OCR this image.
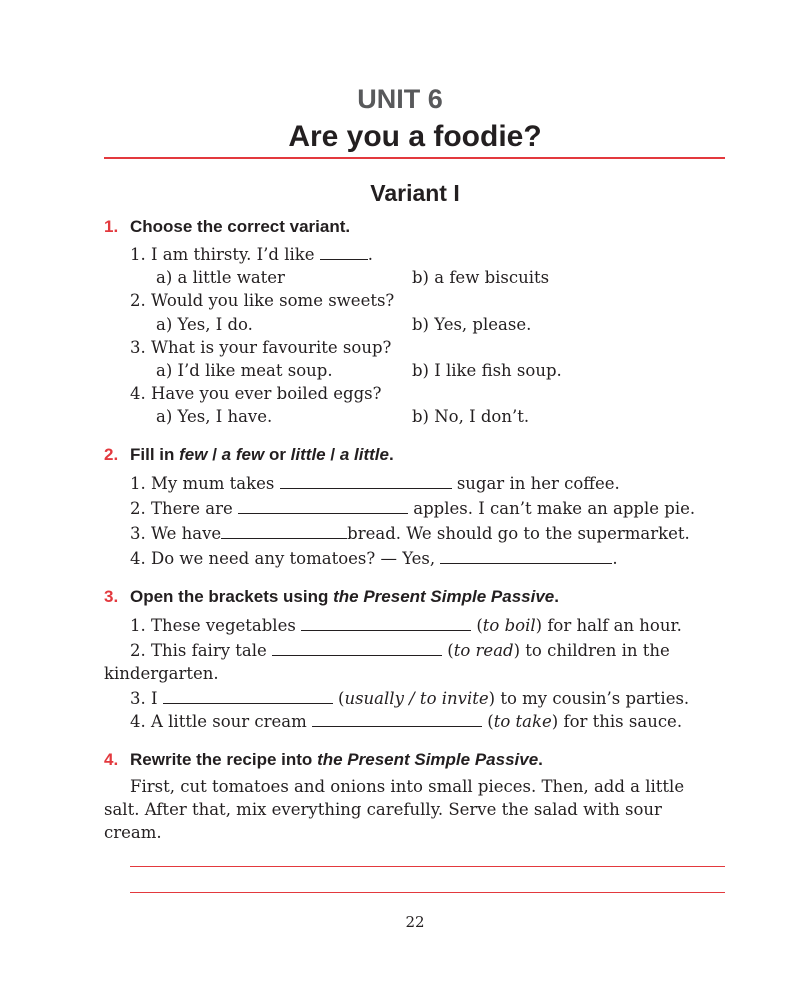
UNIT 6
Are you a foodie?
Variant I
1. Choose the correct variant.
1. I am thirsty. I’d like	.
a) a little water	b) a few biscuits
2. Would you like some sweets?
a) Yes, I do.	b) Yes, please.
3. What is your favourite soup?
a) I’d like meat soup.	b) I like fish soup.
4. Have you ever boiled eggs?
a) Yes, I have.	b) No, I don’t.
2. Fill in few / a few or little / a little.
1. My mum takes	sugar in her coffee.
2. There are	apples. I can’t make an apple pie.
3. We have	bread. We should go to the supermarket.
4. Do we need any tomatoes? — Yes,	.
3. Open the brackets using the Present Simple Passive.
1. These vegetables	(to boil) for half an hour.
2. This fairy tale	(to read) to children in the
kindergarten.
3. I	(usually / to invite) to my cousin’s parties.
4. A little sour cream	(to take) for this sauce.
4. Rewrite the recipe into the Present Simple Passive.
First, cut tomatoes and onions into small pieces. Then, add a little
salt. After that, mix everything carefully. Serve the salad with sour
cream.
22
